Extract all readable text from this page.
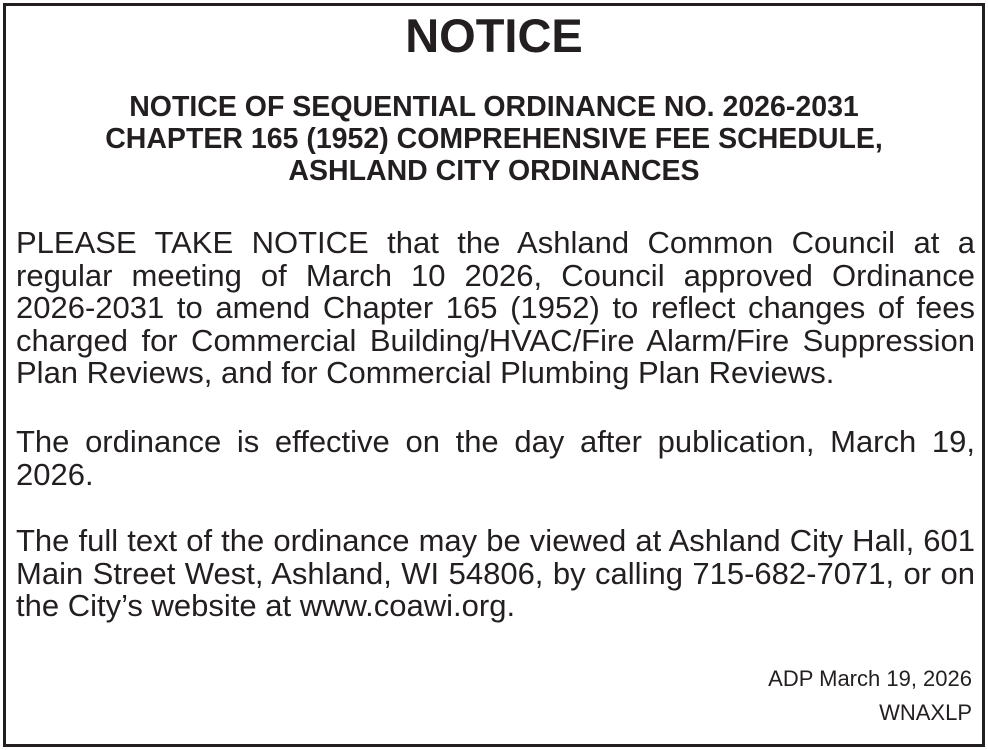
NOTICE
NOTICE OF SEQUENTIAL ORDINANCE NO. 2026-2031
CHAPTER 165 (1952) COMPREHENSIVE FEE SCHEDULE,
ASHLAND CITY ORDINANCES

PLEASE TAKE NOTICE that the Ashland Common Council at a regular meeting of March 10 2026, Council approved Ordinance 2026-2031 to amend Chapter 165 (1952) to reflect changes of fees charged for Commercial Building/HVAC/Fire Alarm/Fire Suppression Plan Reviews, and for Commercial Plumbing Plan Reviews.

The ordinance is effective on the day after publication, March 19, 2026.

The full text of the ordinance may be viewed at Ashland City Hall, 601 Main Street West, Ashland, WI 54806, by calling 715-682-7071, or on the City’s website at www.coawi.org.

ADP March 19, 2026
WNAXLP
